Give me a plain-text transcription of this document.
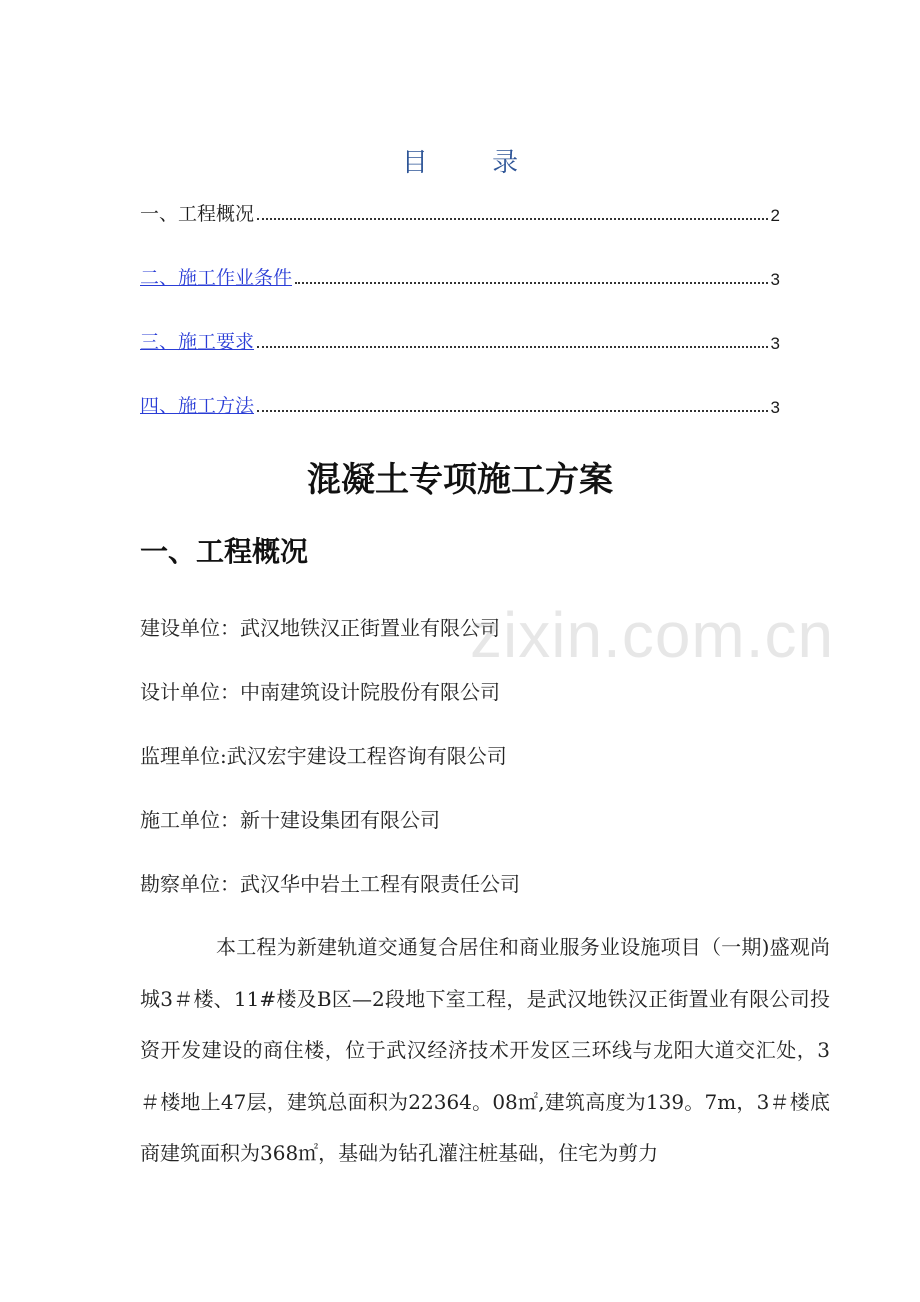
目 录
一、工程概况	2
二、施工作业条件	3
三、施工要求	3
四、施工方法	3
混凝土专项施工方案
一、工程概况
建设单位：武汉地铁汉正街置业有限公司
设计单位：中南建筑设计院股份有限公司
监理单位:武汉宏宇建设工程咨询有限公司
施工单位：新十建设集团有限公司
勘察单位：武汉华中岩土工程有限责任公司
本工程为新建轨道交通复合居住和商业服务业设施项目（一期)盛观尚城3＃楼、11#楼及B区—2段地下室工程，是武汉地铁汉正街置业有限公司投资开发建设的商住楼，位于武汉经济技术开发区三环线与龙阳大道交汇处，3＃楼地上47层，建筑总面积为22364。08㎡,建筑高度为139。7m，3＃楼底商建筑面积为368㎡，基础为钻孔灌注桩基础，住宅为剪力
zixin.com.cn
